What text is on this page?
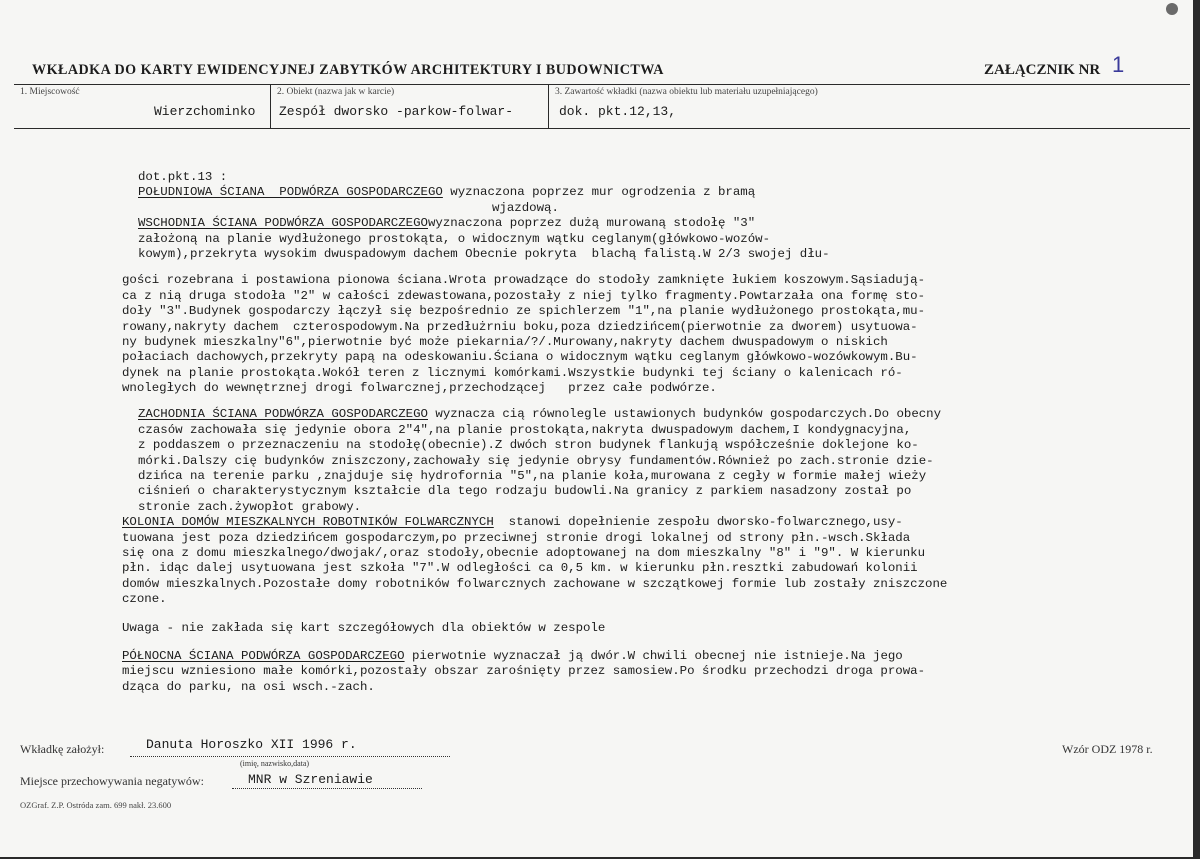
WKŁADKA DO KARTY EWIDENCYJNEJ ZABYTKÓW ARCHITEKTURY I BUDOWNICTWA	ZAŁĄCZNIK NR 1
1. Miejscowość
Wierzchominko
2. Obiekt (nazwa jak w karcie)
Zespół dworsko -parkow-folwar-
3. Zawartość wkładki (nazwa obiektu lub materiału uzupełniającego)
dok. pkt.12,13,
dot.pkt.13 :
POŁUDNIOWA ŚCIANA  PODWÓRZA GOSPODARCZEGO wyznaczona poprzez mur ogrodzenia z bramą
wjazdową.
WSCHODNIA ŚCIANA PODWÓRZA GOSPODARCZEGOwyznaczona poprzez dużą murowaną stodołę "3"
założoną na planie wydłużonego prostokąta, o widocznym wątku ceglanym(główkowo-wozów-
kowym),przekryta wysokim dwuspadowym dachem Obecnie pokryta  blachą falistą.W 2/3 swojej dłu-
gości rozebrana i postawiona pionowa ściana.Wrota prowadzące do stodoły zamknięte łukiem koszowym.Sąsiadują-
ca z nią druga stodoła "2" w całości zdewastowana,pozostały z niej tylko fragmenty.Powtarzała ona formę sto-
doły "3".Budynek gospodarczy łączył się bezpośrednio ze spichlerzem "1",na planie wydłużonego prostokąta,mu-
rowany,nakryty dachem  czterospodowym.Na przedłużrniu boku,poza dziedzińcem(pierwotnie za dworem) usytuowa-
ny budynek mieszkalny"6",pierwotnie być może piekarnia/?/.Murowany,nakryty dachem dwuspadowym o niskich
połaciach dachowych,przekryty papą na odeskowaniu.Ściana o widocznym wątku ceglanym główkowo-wozówkowym.Bu-
dynek na planie prostokąta.Wokół teren z licznymi komórkami.Wszystkie budynki tej ściany o kalenicach ró-
wnoległych do wewnętrznej drogi folwarcznej,przechodzącej   przez całe podwórze.
ZACHODNIA ŚCIANA PODWÓRZA GOSPODARCZEGO wyznacza cią równolegle ustawionych budynków gospodarczych.Do obecny
czasów zachowała się jedynie obora 2"4",na planie prostokąta,nakryta dwuspadowym dachem,I kondygnacyjna,
z poddaszem o przeznaczeniu na stodołę(obecnie).Z dwóch stron budynek flankują współcześnie doklejone ko-
mórki.Dalszy cię budynków zniszczony,zachowały się jedynie obrysy fundamentów.Również po zach.stronie dzie-
dzińca na terenie parku ,znajduje się hydrofornia "5",na planie koła,murowana z cegły w formie małej wieży
ciśnień o charakterystycznym kształcie dla tego rodzaju budowli.Na granicy z parkiem nasadzony został po
stronie zach.żywopłot grabowy.
KOLONIA DOMÓW MIESZKALNYCH ROBOTNIKÓW FOLWARCZNYCH  stanowi dopełnienie zespołu dworsko-folwarcznego,usy-
tuowana jest poza dziedzińcem gospodarczym,po przeciwnej stronie drogi lokalnej od strony płn.-wsch.Składa
się ona z domu mieszkalnego/dwojak/,oraz stodoły,obecnie adoptowanej na dom mieszkalny "8" i "9". W kierunku
płn. idąc dalej usytuowana jest szkoła "7".W odległości ca 0,5 km. w kierunku płn.resztki zabudowań kolonii
domów mieszkalnych.Pozostałe domy robotników folwarcznych zachowane w szczątkowej formie lub zostały zniszczone
czone.
Uwaga - nie zakłada się kart szczegółowych dla obiektów w zespole
PÓŁNOCNA ŚCIANA PODWÓRZA GOSPODARCZEGO pierwotnie wyznaczał ją dwór.W chwili obecnej nie istnieje.Na jego
miejscu wzniesiono małe komórki,pozostały obszar zarośnięty przez samosiew.Po środku przechodzi droga prowa-
dząca do parku, na osi wsch.-zach.
Wkładkę założył:	Danuta Horoszko XII 1996 r.
(imię, nazwisko,data)
Wzór ODZ 1978 r.
Miejsce przechowywania negatywów:	MNR w Szreniawie
OZGraf. Z.P. Ostróda zam. 699 nakł. 23.600
